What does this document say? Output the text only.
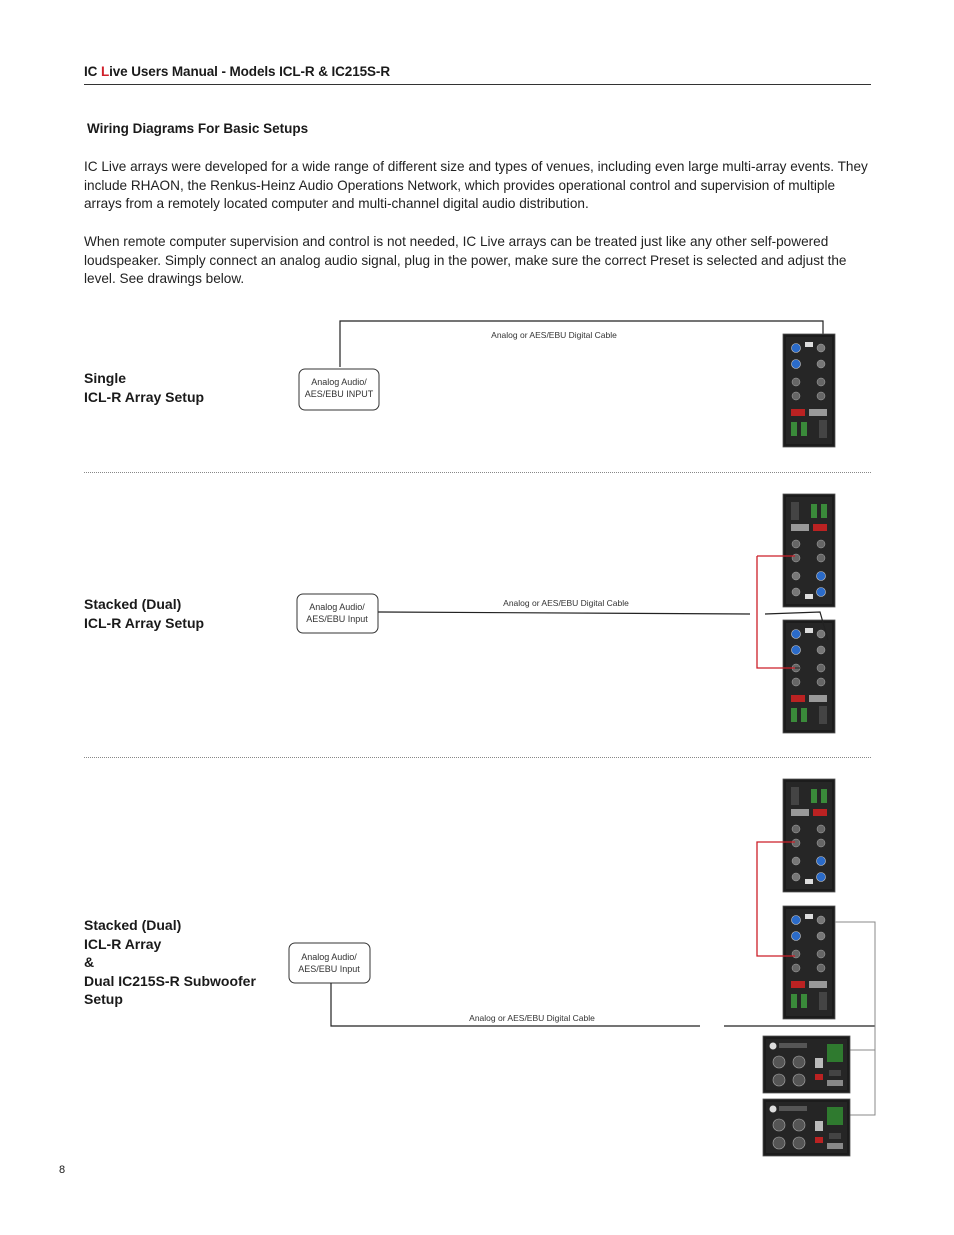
IC Live Users Manual - Models ICL-R & IC215S-R
Wiring Diagrams For Basic Setups
IC Live arrays were developed for a wide range of different size and types of venues, including even large multi-array events. They include RHAON, the Renkus-Heinz Audio Operations Network, which provides operational control and supervision of multiple arrays from a remotely located computer and multi-channel digital audio distribution.
When remote computer supervision and control is not needed, IC Live arrays can be treated just like any other self-powered loudspeaker. Simply connect an analog audio signal, plug in the power, make sure the correct Preset is selected and adjust the level. See drawings below.
Single
ICL-R Array Setup
Stacked (Dual)
ICL-R Array Setup
Stacked (Dual)
ICL-R Array
&
Dual IC215S-R Subwoofer
Setup
8
Analog Audio/
AES/EBU INPUT
Analog or AES/EBU Digital Cable
Analog Audio/
AES/EBU Input
Analog or AES/EBU Digital Cable
Analog Audio/
AES/EBU Input
Analog or AES/EBU Digital Cable
